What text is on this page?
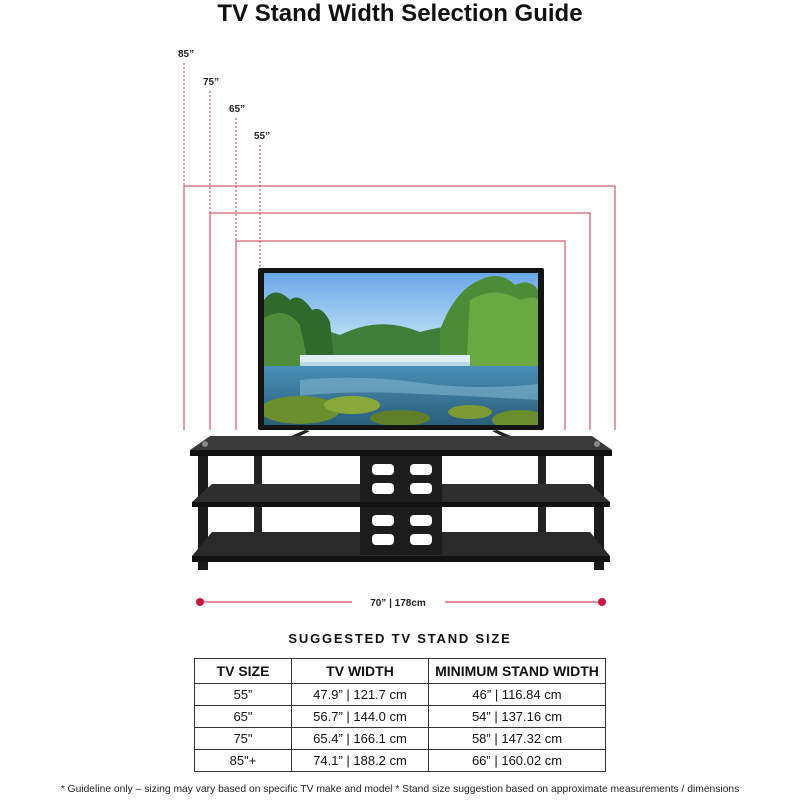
TV Stand Width Selection Guide
85”
75”
65”
55”
70” | 178cm
SUGGESTED TV STAND SIZE
TV SIZE	TV WIDTH	MINIMUM STAND WIDTH
55”	47.9” | 121.7 cm	46” | 116.84 cm
65"	56.7” | 144.0 cm	54” | 137.16 cm
75"	65.4” | 166.1 cm	58” | 147.32 cm
85"+	74.1” | 188.2 cm	66” | 160.02 cm
* Guideline only – sizing may vary based on specific TV make and model * Stand size suggestion based on approximate measurements / dimensions
